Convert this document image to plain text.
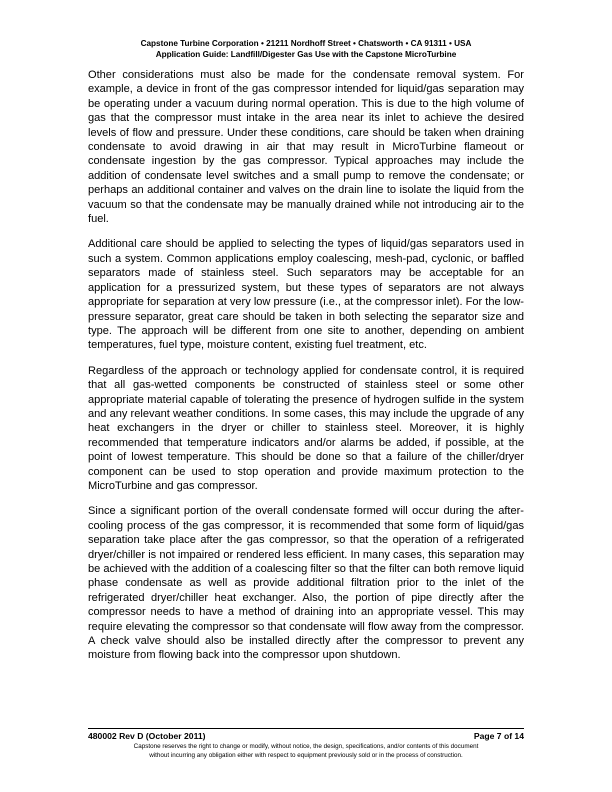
Capstone Turbine Corporation • 21211 Nordhoff Street • Chatsworth • CA 91311 • USA
Application Guide: Landfill/Digester Gas Use with the Capstone MicroTurbine

Other considerations must also be made for the condensate removal system. For example, a device in front of the gas compressor intended for liquid/gas separation may be operating under a vacuum during normal operation. This is due to the high volume of gas that the compressor must intake in the area near its inlet to achieve the desired levels of flow and pressure. Under these conditions, care should be taken when draining condensate to avoid drawing in air that may result in MicroTurbine flameout or condensate ingestion by the gas compressor. Typical approaches may include the addition of condensate level switches and a small pump to remove the condensate; or perhaps an additional container and valves on the drain line to isolate the liquid from the vacuum so that the condensate may be manually drained while not introducing air to the fuel.

Additional care should be applied to selecting the types of liquid/gas separators used in such a system. Common applications employ coalescing, mesh-pad, cyclonic, or baffled separators made of stainless steel. Such separators may be acceptable for an application for a pressurized system, but these types of separators are not always appropriate for separation at very low pressure (i.e., at the compressor inlet). For the low-pressure separator, great care should be taken in both selecting the separator size and type. The approach will be different from one site to another, depending on ambient temperatures, fuel type, moisture content, existing fuel treatment, etc.

Regardless of the approach or technology applied for condensate control, it is required that all gas-wetted components be constructed of stainless steel or some other appropriate material capable of tolerating the presence of hydrogen sulfide in the system and any relevant weather conditions. In some cases, this may include the upgrade of any heat exchangers in the dryer or chiller to stainless steel. Moreover, it is highly recommended that temperature indicators and/or alarms be added, if possible, at the point of lowest temperature. This should be done so that a failure of the chiller/dryer component can be used to stop operation and provide maximum protection to the MicroTurbine and gas compressor.

Since a significant portion of the overall condensate formed will occur during the after-cooling process of the gas compressor, it is recommended that some form of liquid/gas separation take place after the gas compressor, so that the operation of a refrigerated dryer/chiller is not impaired or rendered less efficient. In many cases, this separation may be achieved with the addition of a coalescing filter so that the filter can both remove liquid phase condensate as well as provide additional filtration prior to the inlet of the refrigerated dryer/chiller heat exchanger. Also, the portion of pipe directly after the compressor needs to have a method of draining into an appropriate vessel. This may require elevating the compressor so that condensate will flow away from the compressor. A check valve should also be installed directly after the compressor to prevent any moisture from flowing back into the compressor upon shutdown.

480002 Rev D (October 2011)	Page 7 of 14
Capstone reserves the right to change or modify, without notice, the design, specifications, and/or contents of this document
without incurring any obligation either with respect to equipment previously sold or in the process of construction.
